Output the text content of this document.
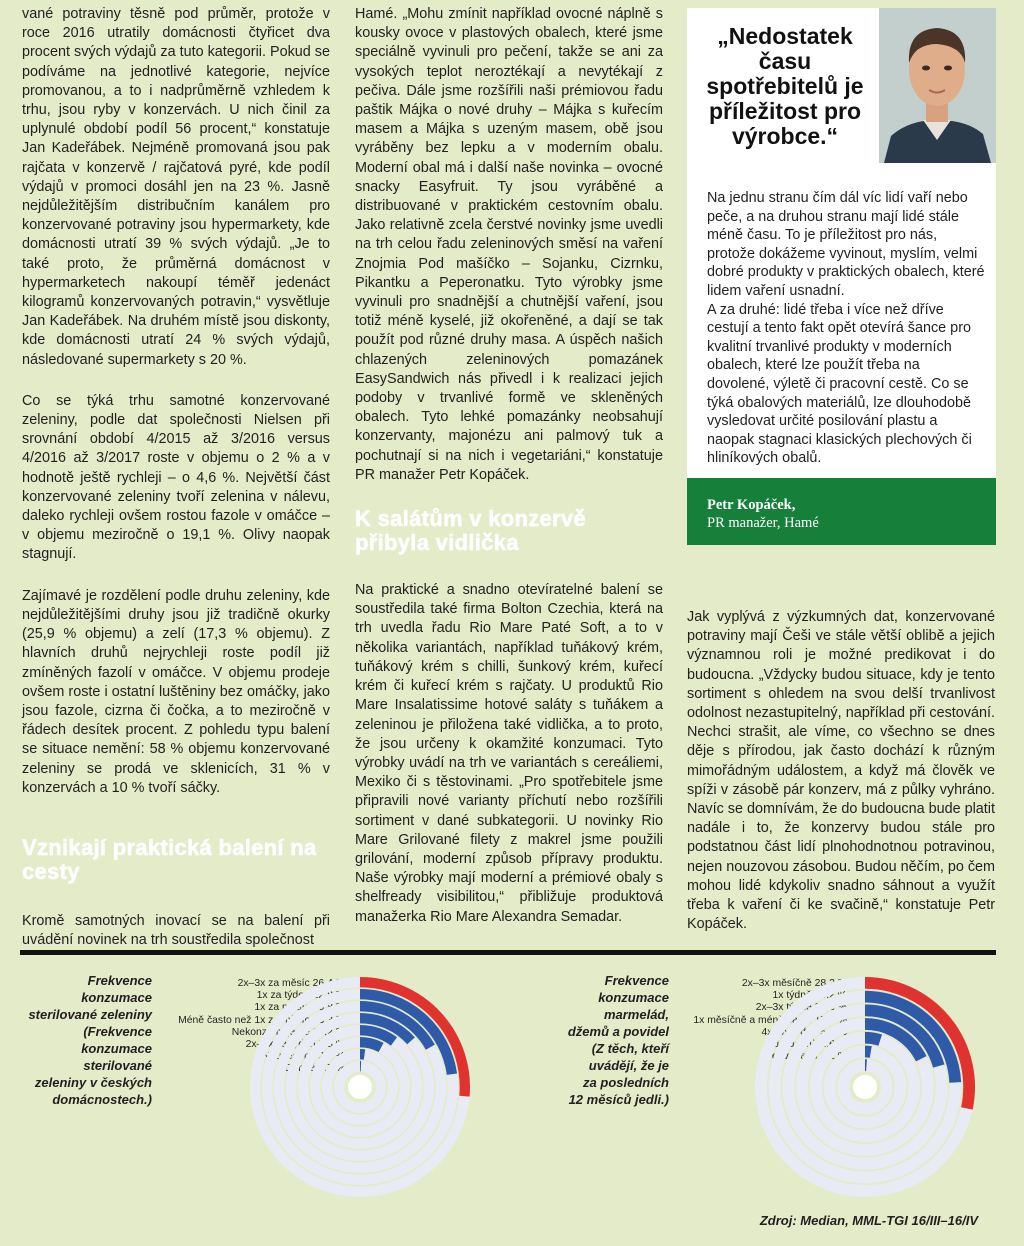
vané potraviny těsně pod průměr, protože v roce 2016 utratily domácnosti čtyřicet dva procent svých výdajů za tuto kategorii. Pokud se podíváme na jednotlivé kategorie, nejvíce promovanou, a to i nadprůměrně vzhledem k trhu, jsou ryby v konzervách. U nich činil za uplynulé období podíl 56 procent,“ konstatuje Jan Kadeřábek. Nejméně promovaná jsou pak rajčata v konzervě / rajčatová pyré, kde podíl výdajů v promoci dosáhl jen na 23 %. Jasně nejdůležitějším distribučním kanálem pro konzervované potraviny jsou hypermarkety, kde domácnosti utratí 39 % svých výdajů. „Je to také proto, že průměrná domácnost v hypermarketech nakoupí téměř jedenáct kilogramů konzervovaných potravin,“ vysvětluje Jan Kadeřábek. Na druhém místě jsou diskonty, kde domácnosti utratí 24 % svých výdajů, následované supermarkety s 20 %.

Co se týká trhu samotné konzervované zeleniny, podle dat společnosti Nielsen při srovnání období 4/2015 až 3/2016 versus 4/2016 až 3/2017 roste v objemu o 2 % a v hodnotě ještě rychleji – o 4,6 %. Největší část konzervované zeleniny tvoří zelenina v nálevu, daleko rychleji ovšem rostou fazole v omáčce – v objemu meziročně o 19,1 %. Olivy naopak stagnují.

Zajímavé je rozdělení podle druhu zeleniny, kde nejdůležitějšími druhy jsou již tradičně okurky (25,9 % objemu) a zelí (17,3 % objemu). Z hlavních druhů nejrychleji roste podíl již zmíněných fazolí v omáčce. V objemu prodeje ovšem roste i ostatní luštěniny bez omáčky, jako jsou fazole, cizrna či čočka, a to meziročně v řádech desítek procent. Z pohledu typu balení se situace nemění: 58 % objemu konzervované zeleniny se prodá ve sklenicích, 31 % v konzervách a 10 % tvoří sáčky.

Vznikají praktická balení na cesty

Kromě samotných inovací se na balení při uvádění novinek na trh soustředila společnost

Hamé. „Mohu zmínit například ovocné náplně s kousky ovoce v plastových obalech, které jsme speciálně vyvinuli pro pečení, takže se ani za vysokých teplot neroztékají a nevytékají z pečiva. Dále jsme rozšířili naši prémiovou řadu paštik Májka o nové druhy – Májka s kuřecím masem a Májka s uzeným masem, obě jsou vyráběny bez lepku a v moderním obalu. Moderní obal má i další naše novinka – ovocné snacky Easyfruit. Ty jsou vyráběné a distribuované v praktickém cestovním obalu. Jako relativně zcela čerstvé novinky jsme uvedli na trh celou řadu zeleninových směsí na vaření Znojmia Pod mašíčko – Sojanku, Cizrnku, Pikantku a Peperonatku. Tyto výrobky jsme vyvinuli pro snadnější a chutnější vaření, jsou totiž méně kyselé, již okořeněné, a dají se tak použít pod různé druhy masa. A úspěch našich chlazených zeleninových pomazánek EasySandwich nás přivedl i k realizaci jejich podoby v trvanlivé formě ve skleněných obalech. Tyto lehké pomazánky neobsahují konzervanty, majonézu ani palmový tuk a pochutnají si na nich i vegetariáni,“ konstatuje PR manažer Petr Kopáček.

K salátům v konzervě přibyla vidlička

Na praktické a snadno otevíratelné balení se soustředila také firma Bolton Czechia, která na trh uvedla řadu Rio Mare Paté Soft, a to v několika variantách, například tuňákový krém, tuňákový krém s chilli, šunkový krém, kuřecí krém či kuřecí krém s rajčaty. U produktů Rio Mare Insalatissime hotové saláty s tuňákem a zeleninou je přiložena také vidlička, a to proto, že jsou určeny k okamžité konzumaci. Tyto výrobky uvádí na trh ve variantách s cereáliemi, Mexiko či s těstovinami. „Pro spotřebitele jsme připravili nové varianty příchutí nebo rozšířili sortiment v dané subkategorii. U novinky Rio Mare Grilované filety z makrel jsme použili grilování, moderní způsob přípravy produktu. Naše výrobky mají moderní a prémiové obaly s shelfready visibilitou,“ přibližuje produktová manažerka Rio Mare Alexandra Semadar.

„Nedostatek času spotřebitelů je příležitost pro výrobce.“

Na jednu stranu čím dál víc lidí vaří nebo peče, a na druhou stranu mají lidé stále méně času. To je příležitost pro nás, protože dokážeme vyvinout, myslím, velmi dobré produkty v praktických obalech, které lidem vaření usnadní.

A za druhé: lidé třeba i více než dříve cestují a tento fakt opět otevírá šance pro kvalitní trvanlivé produkty v moderních obalech, které lze použít třeba na dovolené, výletě či pracovní cestě. Co se týká obalových materiálů, lze dlouhodobě vysledovat určité posilování plastu a naopak stagnaci klasických plechových či hliníkových obalů.

Petr Kopáček,
PR manažer, Hamé

Jak vyplývá z výzkumných dat, konzervované potraviny mají Češi ve stále větší oblibě a jejich významnou roli je možné predikovat i do budoucna. „Vždycky budou situace, kdy je tento sortiment s ohledem na svou delší trvanlivost odolnost nezastupitelný, například při cestování. Nechci strašit, ale víme, co všechno se dnes děje s přírodou, jak často dochází k různým mimořádným událostem, a když má člověk ve spíži v zásobě pár konzerv, má z půlky vyhráno. Navíc se domnívám, že do budoucna bude platit nadále i to, že konzervy budou stále pro podstatnou část lidí plnohodnotnou potravinou, nejen nouzovou zásobou. Budou něčím, po čem mohou lidé kdykoliv snadno sáhnout a využít třeba k vaření či ke svačině,“ konstatuje Petr Kopáček.

Frekvence
konzumace
sterilované zeleniny
(Frekvence
konzumace
sterilované
zeleniny v českých
domácnostech.)
2x–3x za měsíc 26,4 %
1x za týden 22,8 %
1x za měsíc 16,8 %
Méně často než 1x za měsíc 13,3 %
Nekonzumujeme 10,2 %
2x–3x za týden 7,8 %
Neuvedeno 2,2 %
Denně 0,7 %
Frekvence
konzumace
marmelád,
džemů a povidel
(Z těch, kteří
uvádějí, že je
za posledních
12 měsíců jedli.)
2x–3x měsíčně 28,3 %
1x týdně 24,2 %
2x–3x týdně 20,6 %
1x měsíčně a méně často 17,6 %
4x–6x týdně 5,0 %
1x denně 2,6 %
Neuvedeno 1,1 %
Zdroj: Median, MML-TGI 16/III–16/IV
